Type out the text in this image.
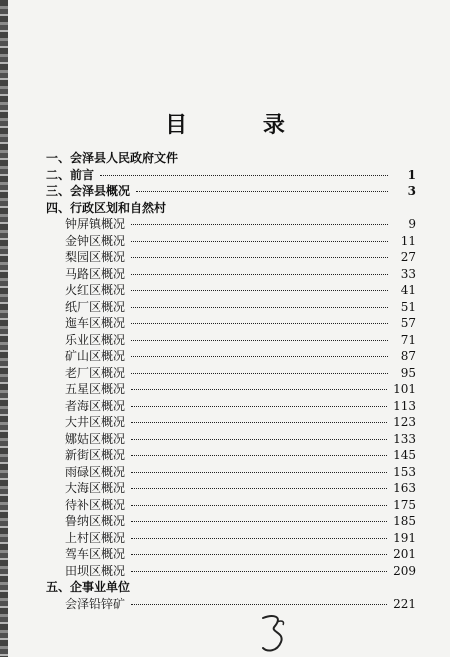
目 录
一、 会泽县人民政府文件
二、 前言	1
三、 会泽县概况	3
四、 行政区划和自然村
钟屏镇概况	9
金钟区概况	11
梨园区概况	27
马路区概况	33
火红区概况	41
纸厂区概况	51
迤车区概况	57
乐业区概况	71
矿山区概况	87
老厂区概况	95
五星区概况	101
者海区概况	113
大井区概况	123
娜姑区概况	133
新街区概况	145
雨碌区概况	153
大海区概况	163
待补区概况	175
鲁纳区概况	185
上村区概况	191
驾车区概况	201
田坝区概况	209
五、 企事业单位
会泽铅锌矿	221
